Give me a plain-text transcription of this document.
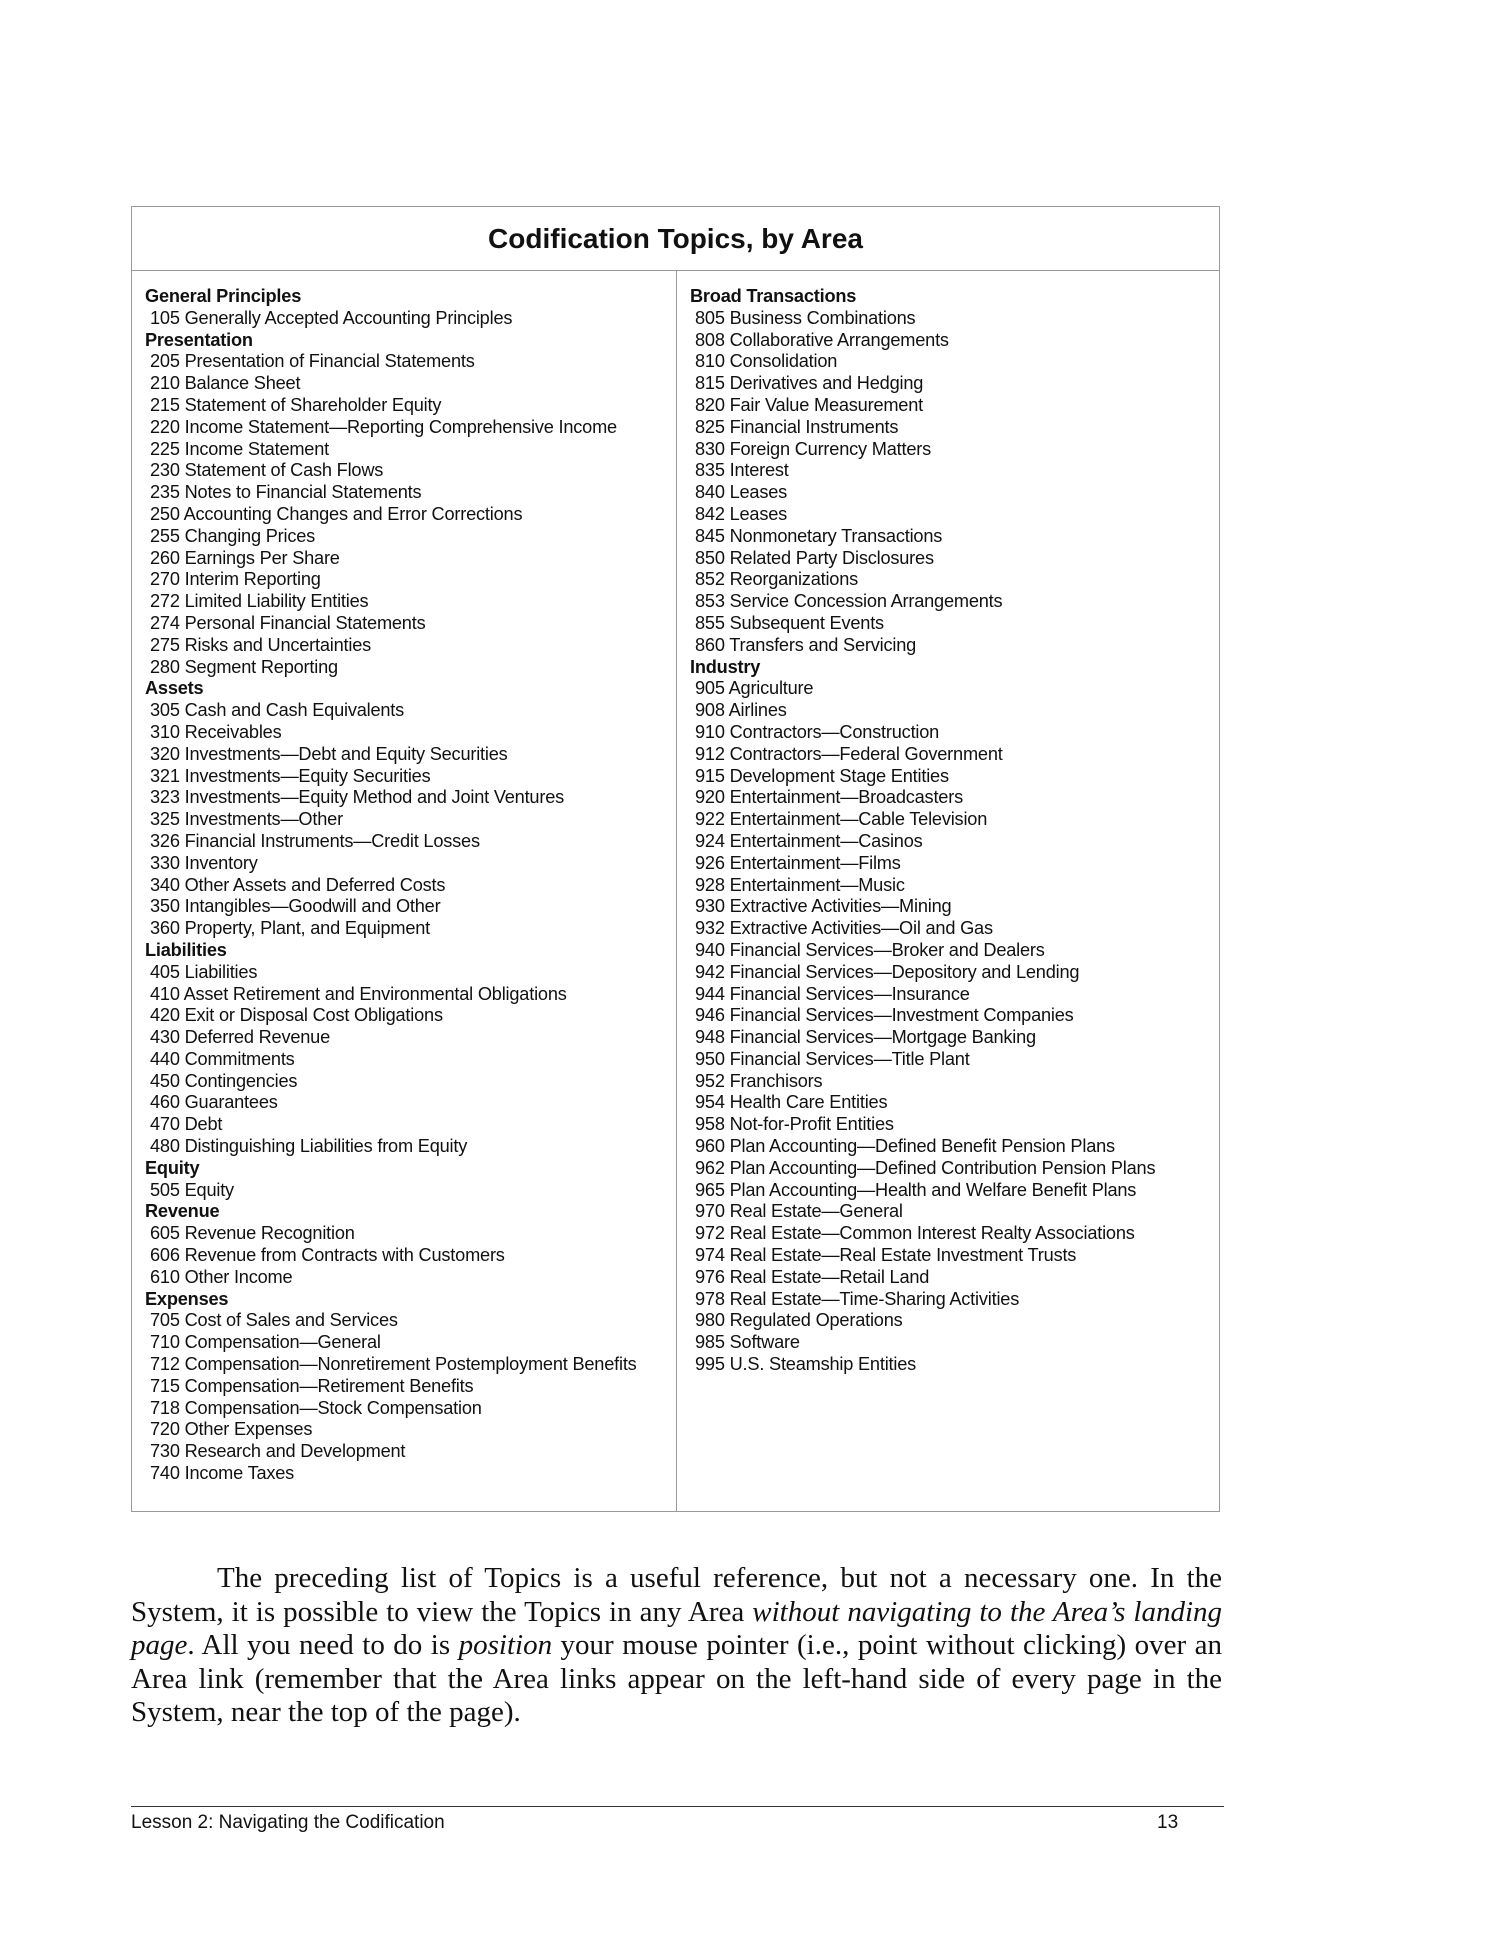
Codification Topics, by Area
General Principles
105 Generally Accepted Accounting Principles
Presentation
205 Presentation of Financial Statements
210 Balance Sheet
215 Statement of Shareholder Equity
220 Income Statement—Reporting Comprehensive Income
225 Income Statement
230 Statement of Cash Flows
235 Notes to Financial Statements
250 Accounting Changes and Error Corrections
255 Changing Prices
260 Earnings Per Share
270 Interim Reporting
272 Limited Liability Entities
274 Personal Financial Statements
275 Risks and Uncertainties
280 Segment Reporting
Assets
305 Cash and Cash Equivalents
310 Receivables
320 Investments—Debt and Equity Securities
321 Investments—Equity Securities
323 Investments—Equity Method and Joint Ventures
325 Investments—Other
326 Financial Instruments—Credit Losses
330 Inventory
340 Other Assets and Deferred Costs
350 Intangibles—Goodwill and Other
360 Property, Plant, and Equipment
Liabilities
405 Liabilities
410 Asset Retirement and Environmental Obligations
420 Exit or Disposal Cost Obligations
430 Deferred Revenue
440 Commitments
450 Contingencies
460 Guarantees
470 Debt
480 Distinguishing Liabilities from Equity
Equity
505 Equity
Revenue
605 Revenue Recognition
606 Revenue from Contracts with Customers
610 Other Income
Expenses
705 Cost of Sales and Services
710 Compensation—General
712 Compensation—Nonretirement Postemployment Benefits
715 Compensation—Retirement Benefits
718 Compensation—Stock Compensation
720 Other Expenses
730 Research and Development
740 Income Taxes
Broad Transactions
805 Business Combinations
808 Collaborative Arrangements
810 Consolidation
815 Derivatives and Hedging
820 Fair Value Measurement
825 Financial Instruments
830 Foreign Currency Matters
835 Interest
840 Leases
842 Leases
845 Nonmonetary Transactions
850 Related Party Disclosures
852 Reorganizations
853 Service Concession Arrangements
855 Subsequent Events
860 Transfers and Servicing
Industry
905 Agriculture
908 Airlines
910 Contractors—Construction
912 Contractors—Federal Government
915 Development Stage Entities
920 Entertainment—Broadcasters
922 Entertainment—Cable Television
924 Entertainment—Casinos
926 Entertainment—Films
928 Entertainment—Music
930 Extractive Activities—Mining
932 Extractive Activities—Oil and Gas
940 Financial Services—Broker and Dealers
942 Financial Services—Depository and Lending
944 Financial Services—Insurance
946 Financial Services—Investment Companies
948 Financial Services—Mortgage Banking
950 Financial Services—Title Plant
952 Franchisors
954 Health Care Entities
958 Not-for-Profit Entities
960 Plan Accounting—Defined Benefit Pension Plans
962 Plan Accounting—Defined Contribution Pension Plans
965 Plan Accounting—Health and Welfare Benefit Plans
970 Real Estate—General
972 Real Estate—Common Interest Realty Associations
974 Real Estate—Real Estate Investment Trusts
976 Real Estate—Retail Land
978 Real Estate—Time-Sharing Activities
980 Regulated Operations
985 Software
995 U.S. Steamship Entities
The preceding list of Topics is a useful reference, but not a necessary one. In the System, it is possible to view the Topics in any Area without navigating to the Area’s landing page. All you need to do is position your mouse pointer (i.e., point without clicking) over an Area link (remember that the Area links appear on the left-hand side of every page in the System, near the top of the page).
Lesson 2: Navigating the Codification	13
